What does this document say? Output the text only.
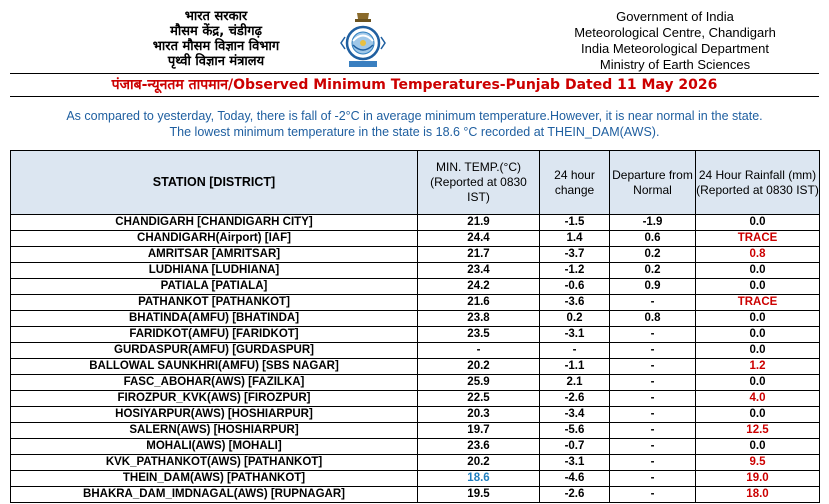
भारत सरकार
मौसम केंद्र, चंडीगढ़
भारत मौसम विज्ञान विभाग
पृथ्वी विज्ञान मंत्रालय
Government of India
Meteorological Centre, Chandigarh
India Meteorological Department
Ministry of Earth Sciences
पंजाब-न्यूनतम तापमान/Observed Minimum Temperatures-Punjab Dated 11 May 2026
As compared to yesterday, Today, there is fall of -2°C in average minimum temperature.However, it is near normal in the state.
The lowest minimum temperature in the state is 18.6 °C recorded at THEIN_DAM(AWS).
STATION [DISTRICT]	MIN. TEMP.(°C) (Reported at 0830 IST)	24 hour change	Departure from Normal	24 Hour Rainfall (mm) (Reported at 0830 IST)
CHANDIGARH [CHANDIGARH CITY]	21.9	-1.5	-1.9	0.0
CHANDIGARH(Airport) [IAF]	24.4	1.4	0.6	TRACE
AMRITSAR [AMRITSAR]	21.7	-3.7	0.2	0.8
LUDHIANA [LUDHIANA]	23.4	-1.2	0.2	0.0
PATIALA [PATIALA]	24.2	-0.6	0.9	0.0
PATHANKOT [PATHANKOT]	21.6	-3.6	-	TRACE
BHATINDA(AMFU) [BHATINDA]	23.8	0.2	0.8	0.0
FARIDKOT(AMFU) [FARIDKOT]	23.5	-3.1	-	0.0
GURDASPUR(AMFU) [GURDASPUR]	-	-	-	0.0
BALLOWAL SAUNKHRI(AMFU) [SBS NAGAR]	20.2	-1.1	-	1.2
FASC_ABOHAR(AWS) [FAZILKA]	25.9	2.1	-	0.0
FIROZPUR_KVK(AWS) [FIROZPUR]	22.5	-2.6	-	4.0
HOSIYARPUR(AWS) [HOSHIARPUR]	20.3	-3.4	-	0.0
SALERN(AWS) [HOSHIARPUR]	19.7	-5.6	-	12.5
MOHALI(AWS) [MOHALI]	23.6	-0.7	-	0.0
KVK_PATHANKOT(AWS) [PATHANKOT]	20.2	-3.1	-	9.5
THEIN_DAM(AWS) [PATHANKOT]	18.6	-4.6	-	19.0
BHAKRA_DAM_IMDNAGAL(AWS) [RUPNAGAR]	19.5	-2.6	-	18.0
